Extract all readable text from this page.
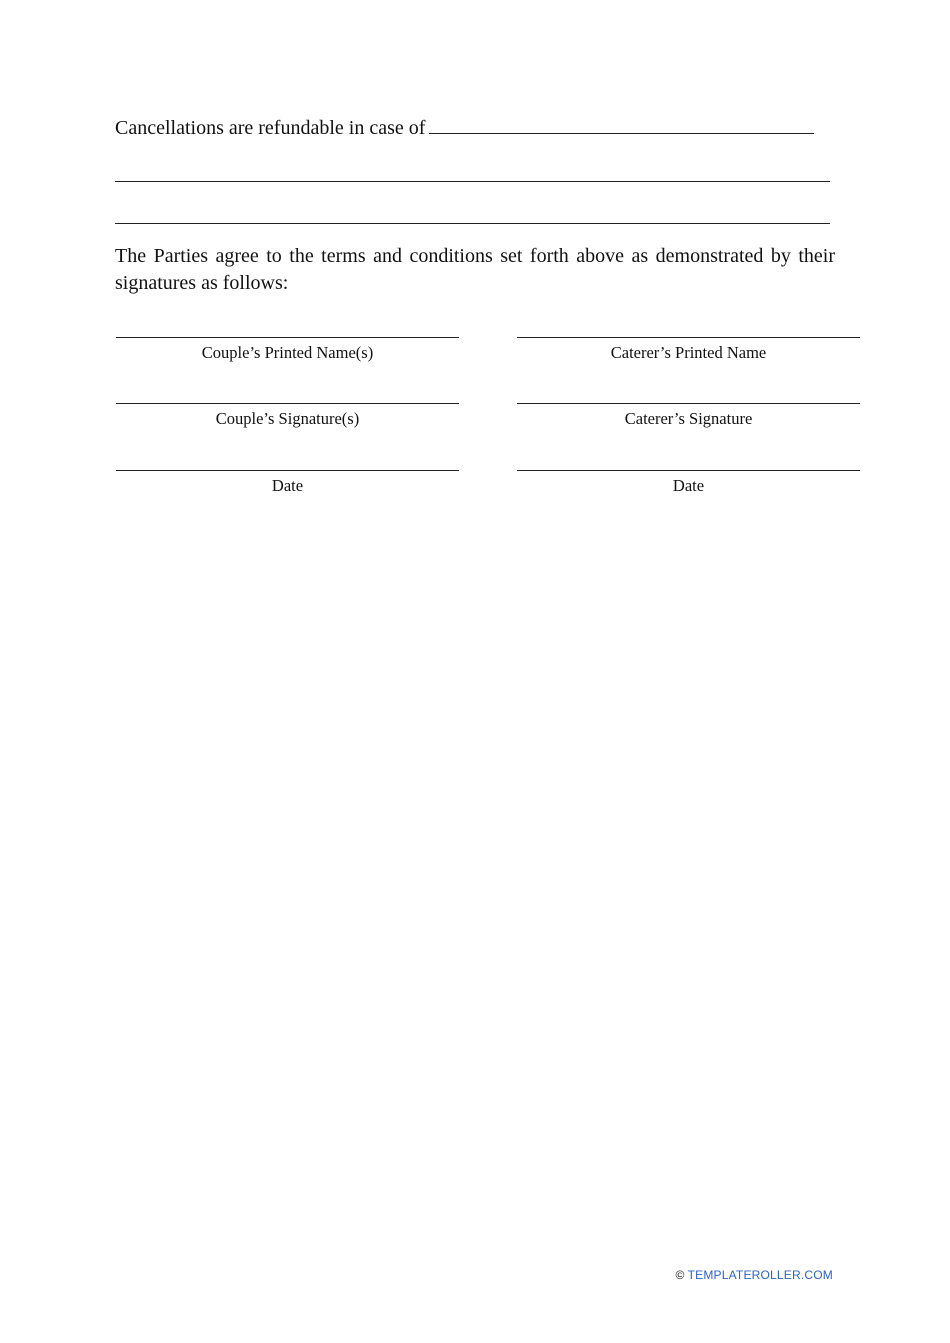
Cancellations are refundable in case of
The Parties agree to the terms and conditions set forth above as demonstrated by their signatures as follows:
Couple’s Printed Name(s)	Caterer’s Printed Name
Couple’s Signature(s)	Caterer’s Signature
Date	Date
© TEMPLATEROLLER.COM
